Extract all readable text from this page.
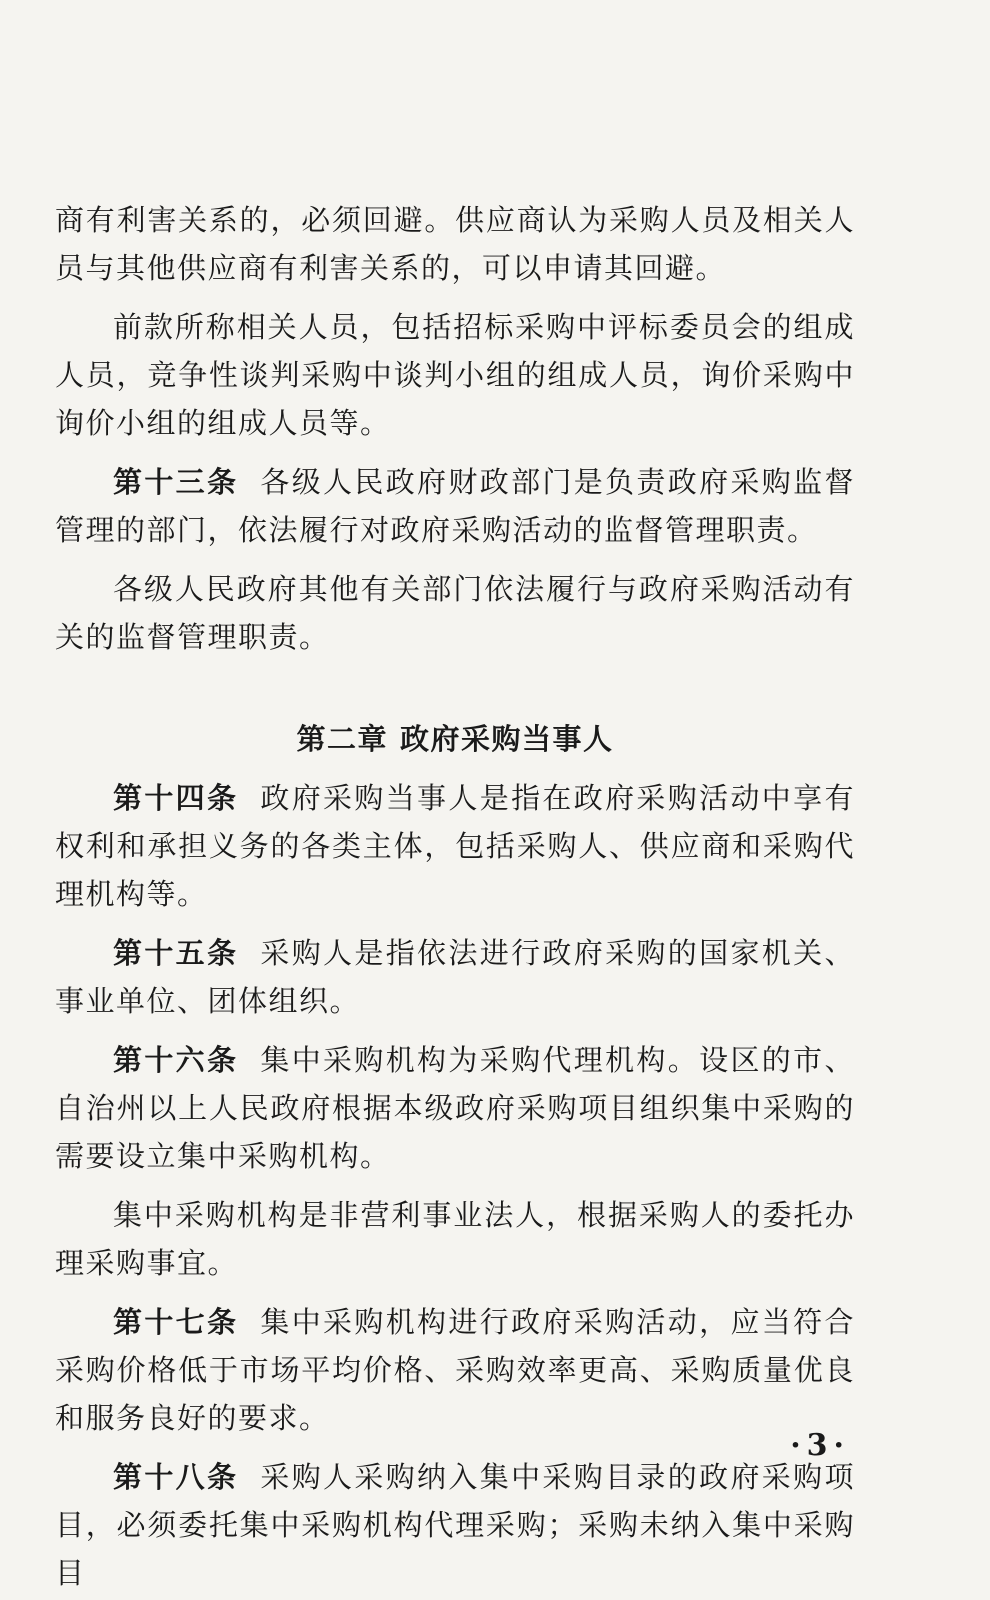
商有利害关系的，必须回避。供应商认为采购人员及相关人员与其他供应商有利害关系的，可以申请其回避。

前款所称相关人员，包括招标采购中评标委员会的组成人员，竞争性谈判采购中谈判小组的组成人员，询价采购中询价小组的组成人员等。

第十三条 各级人民政府财政部门是负责政府采购监督管理的部门，依法履行对政府采购活动的监督管理职责。

各级人民政府其他有关部门依法履行与政府采购活动有关的监督管理职责。

第二章 政府采购当事人

第十四条 政府采购当事人是指在政府采购活动中享有权利和承担义务的各类主体，包括采购人、供应商和采购代理机构等。

第十五条 采购人是指依法进行政府采购的国家机关、事业单位、团体组织。

第十六条 集中采购机构为采购代理机构。设区的市、自治州以上人民政府根据本级政府采购项目组织集中采购的需要设立集中采购机构。

集中采购机构是非营利事业法人，根据采购人的委托办理采购事宜。

第十七条 集中采购机构进行政府采购活动，应当符合采购价格低于市场平均价格、采购效率更高、采购质量优良和服务良好的要求。

第十八条 采购人采购纳入集中采购目录的政府采购项目，必须委托集中采购机构代理采购；采购未纳入集中采购目

·3·
